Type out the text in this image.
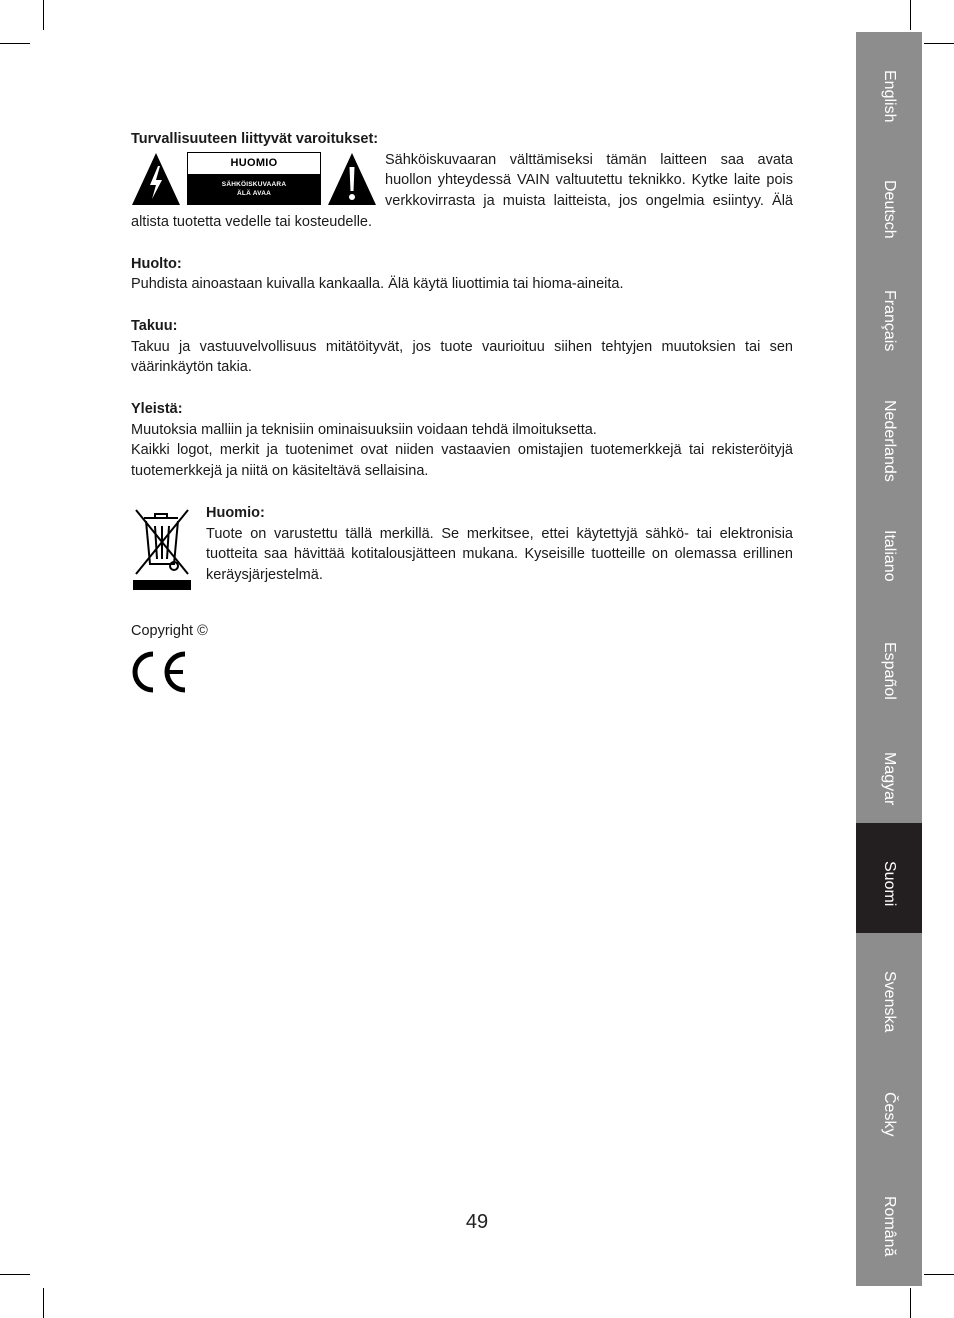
Turvallisuuteen liittyvät varoitukset:

HUOMIO
SÄHKÖISKUVAARA
ÄLÄ AVAA

Sähköiskuvaaran välttämiseksi tämän laitteen saa avata huollon yhteydessä VAIN valtuutettu teknikko. Kytke laite pois verkkovirrasta ja muista laitteista, jos ongelmia esiintyy. Älä altista tuotetta vedelle tai kosteudelle.

Huolto:

Puhdista ainoastaan kuivalla kankaalla. Älä käytä liuottimia tai hioma-aineita.

Takuu:

Takuu ja vastuuvelvollisuus mitätöityvät, jos tuote vaurioituu siihen tehtyjen muutoksien tai sen väärinkäytön takia.

Yleistä:

Muutoksia malliin ja teknisiin ominaisuuksiin voidaan tehdä ilmoituksetta.

Kaikki logot, merkit ja tuotenimet ovat niiden vastaavien omistajien tuotemerkkejä tai rekisteröityjä tuotemerkkejä ja niitä on käsiteltävä sellaisina.

Huomio:

Tuote on varustettu tällä merkillä. Se merkitsee, ettei käytettyjä sähkö- tai elektronisia tuotteita saa hävittää kotitalousjätteen mukana. Kyseisille tuotteille on olemassa erillinen keräysjärjestelmä.

Copyright ©

49
English
Deutsch
Français
Nederlands
Italiano
Español
Magyar
Suomi
Svenska
Česky
Română
